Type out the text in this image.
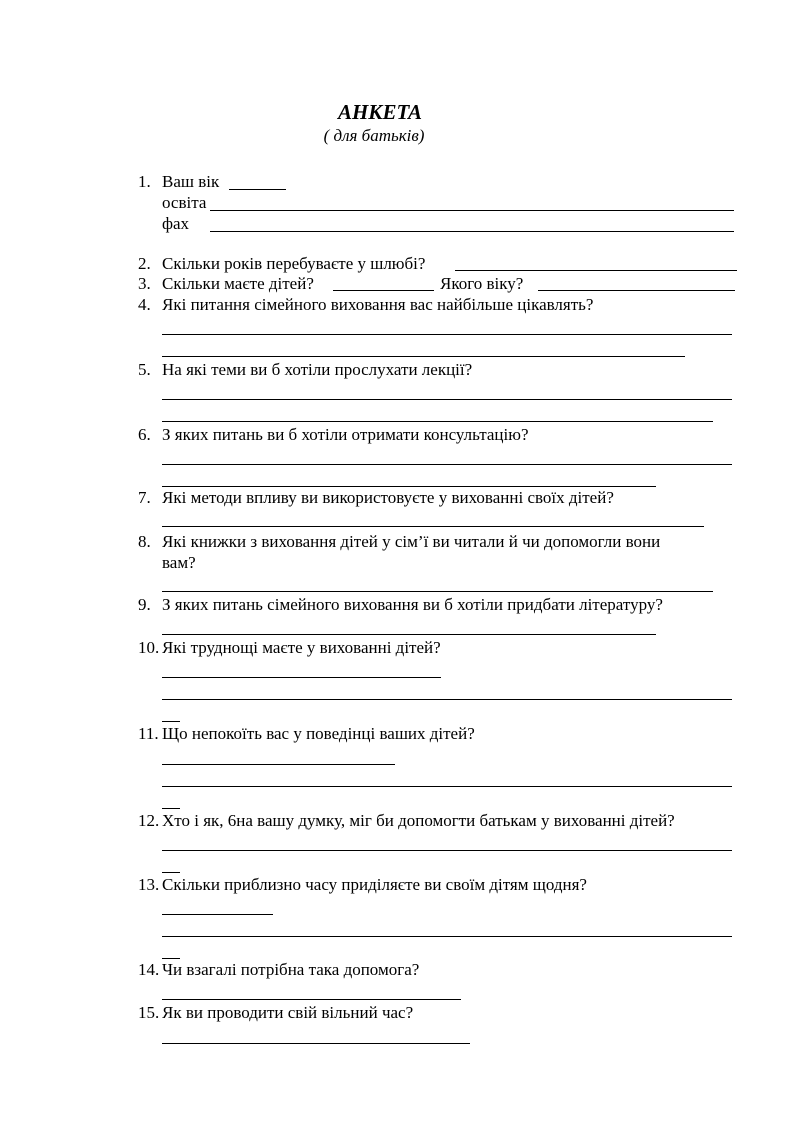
АНКЕТА
( для батьків)
1. Ваш вік
освіта
фах
2. Скільки років перебуваєте у шлюбі?
3. Скільки маєте дітей?	Якого віку?
4. Які питання сімейного виховання вас найбільше цікавлять?
5. На які теми ви б хотіли прослухати лекції?
6. З яких питань ви б хотіли отримати консультацію?
7. Які методи впливу ви використовуєте у вихованні своїх дітей?
8. Які книжки з виховання дітей у сім’ї ви читали й чи допомогли вони
вам?
9. З яких питань сімейного виховання ви б хотіли придбати літературу?
10. Які труднощі маєте у вихованні дітей?
11. Що непокоїть вас у поведінці ваших дітей?
12. Хто і як, 6на вашу думку, міг би допомогти батькам у вихованні дітей?
13. Скільки приблизно часу приділяєте ви своїм дітям щодня?
14. Чи взагалі потрібна така допомога?
15. Як ви проводити свій вільний час?
